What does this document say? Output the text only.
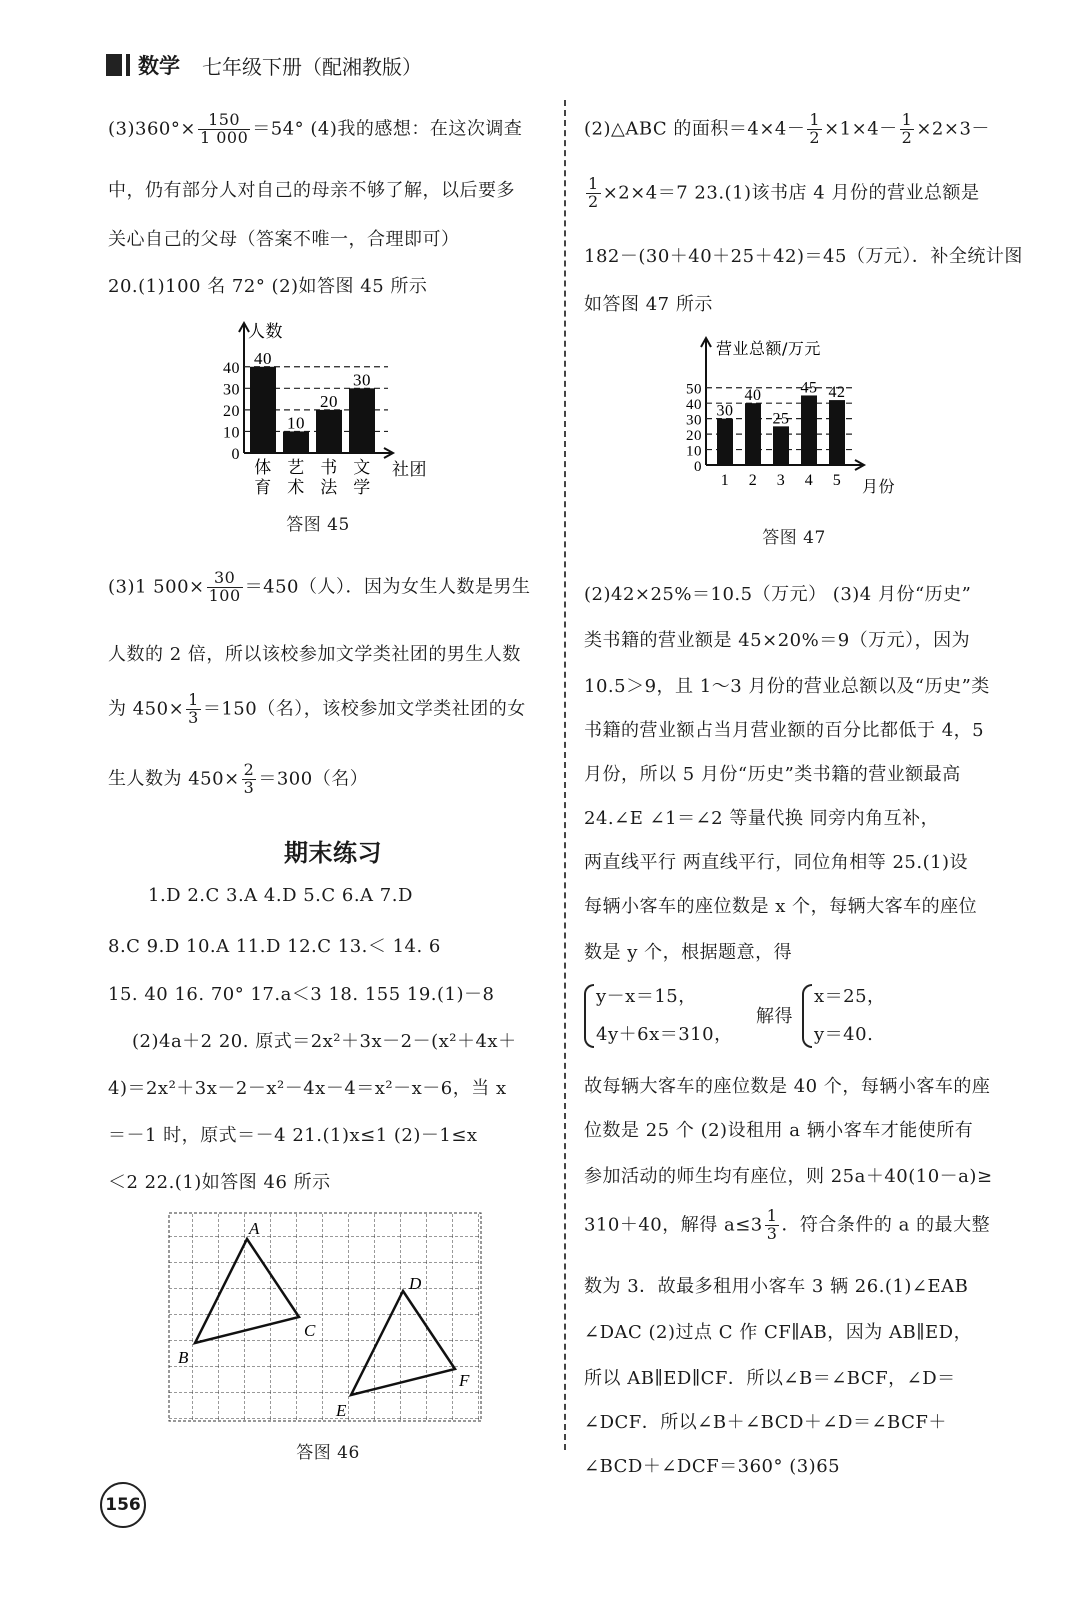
数学 七年级下册（配湘教版）
$(3)360^\circ\times \frac{150}{1 000} =54^\circ$ (4)我的感想：在这次调查
中，仍有部分人对自己的母亲不够了解，以后要多
关心自己的父母（答案不唯一，合理即可）
20.(1)100 名 72° (2)如答图 45 所示
0
10
20
30
40
人数
社团
40
体
育
10
艺
术
20
书
法
30
文
学
答图 45
(3)1 $500\times \frac{30}{100} =450$（人）．因为女生人数是男生
人数的 2 倍，所以该校参加文学类社团的男生人数
为 $450\times \frac{1}{3} =150$（名），该校参加文学类社团的女
生人数为 $450\times \frac{2}{3} =300$（名）
期末练习
1.D 2.C 3.A 4.D 5.C 6.A 7.D
8.C 9.D 10.A 11.D 12.C 13.＜ 14. 6
15. 40 16. 70° 17.a＜3 18. 155 19.(1)－8
(2)4a＋2 20. 原式＝2x²＋3x－2－(x²＋4x＋
4)＝2x²＋3x－2－x²－4x－4＝x²－x－6，当 x
＝－1 时，原式＝－4 21.(1)x≤1 (2)－1≤x
＜2 22.(1)如答图 46 所示
A
B
C
D
E
F
答图 46
(2)△ABC 的面积$=4\times 4- \frac{1}{2} \times 1\times 4- \frac{1}{2} \times 2\times 3-$
$\frac{1}{2} \times 2\times 4=7$ 23.(1)该书店 4 月份的营业总额是
182－(30＋40＋25＋42)＝45（万元）．补全统计图
如答图 47 所示
0
10
20
30
40
50
营业总额/万元
月份
30
1
40
2
25
3
45
4
42
5
答图 47
(2)42×25%＝10.5（万元） (3)4 月份“历史”
类书籍的营业额是 45×20%＝9（万元），因为
10.5＞9，且 1～3 月份的营业总额以及“历史”类
书籍的营业额占当月营业额的百分比都低于 4，5
月份，所以 5 月份“历史”类书籍的营业额最高
24.∠E ∠1＝∠2 等量代换 同旁内角互补，
两直线平行 两直线平行，同位角相等 25.(1)设
每辆小客车的座位数是 x 个，每辆大客车的座位
数是 y 个，根据题意，得
y－x＝15，
4y＋6x＝310，
解得
x＝25，
y＝40.
故每辆大客车的座位数是 40 个，每辆小客车的座
位数是 25 个 (2)设租用 a 辆小客车才能使所有
参加活动的师生均有座位，则 25a＋40(10－a)≥
310＋40，解得 $a\le 3 \frac{1}{3}$ ．符合条件的 a 的最大整
数为 3．故最多租用小客车 3 辆 26.(1)∠EAB
∠DAC (2)过点 C 作 CF∥AB，因为 AB∥ED，
所以 AB∥ED∥CF．所以∠B＝∠BCF，∠D＝
∠DCF．所以∠B＋∠BCD＋∠D＝∠BCF＋
∠BCD＋∠DCF＝360° (3)65
156
